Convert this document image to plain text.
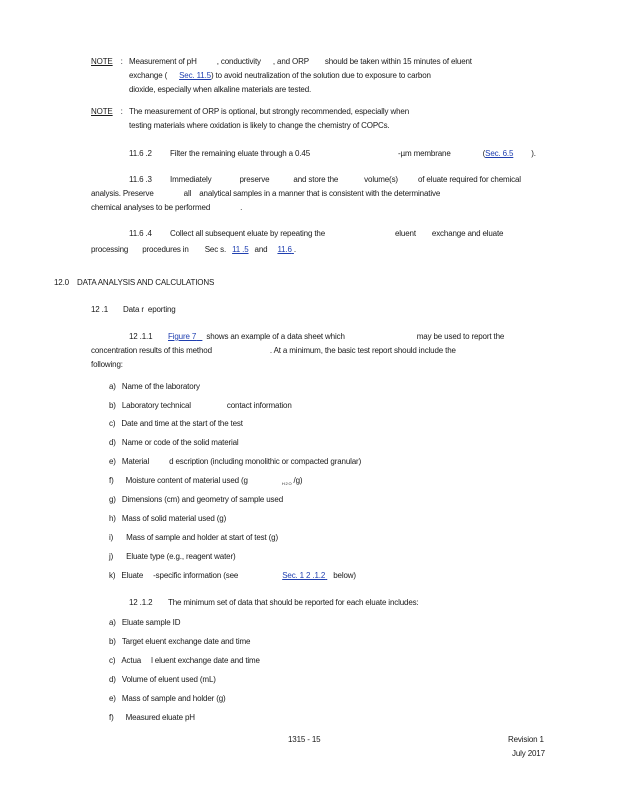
NOTE : Measurement of pH	, conductivity , and ORP should be taken within 15 minutes of eluent
exchange ( Sec. 11.5) to avoid neutralization of the solution due to exposure to carbon
dioxide, especially when alkaline materials are tested.
NOTE : The measurement of ORP is optional, but strongly recommended, especially when
testing materials where oxidation is likely to change the chemistry of COPCs.
11.6 .2 Filter the remaining eluate through a 0.45	-µm membrane	(Sec. 6.5 ).
11.6 .3 Immediately	preserve	and store the	volume(s)	of eluate required for chemical
analysis. Preserve	all analytical samples in a manner that is consistent with the determinative
chemical analyses to be performed	.
11.6 .4 Collect all subsequent eluate by repeating the	eluent exchange and eluate
processing procedures in Sec s. 11 .5 and 11.6 .
12.0 DATA ANALYSIS AND CALCULATIONS
12 .1 Data r eporting
12 .1.1 Figure 7 shows an example of a data sheet which	may be used to report the
concentration results of this method	. At a minimum, the basic test report should include the
following:
a) Name of the laboratory
b) Laboratory technical	contact information
c) Date and time at the start of the test
d) Name or code of the solid material
e) Material	d escription (including monolithic or compacted granular)
f) Moisture content of material used (g	$_{H 2 O}$ /g)
g) Dimensions (cm) and geometry of sample used
h) Mass of solid material used (g)
i) Mass of sample and holder at start of test (g)
j) Eluate type (e.g., reagent water)
k) Eluate -specific information (see	Sec. 1 2 .1.2 below)
12 .1.2 The minimum set of data that should be reported for each eluate includes:
a) Eluate sample ID
b) Target eluent exchange date and time
c) Actua l eluent exchange date and time
d) Volume of eluent used (mL)
e) Mass of sample and holder (g)
f) Measured eluate pH
1315 - 15	Revision 1
July 2017
